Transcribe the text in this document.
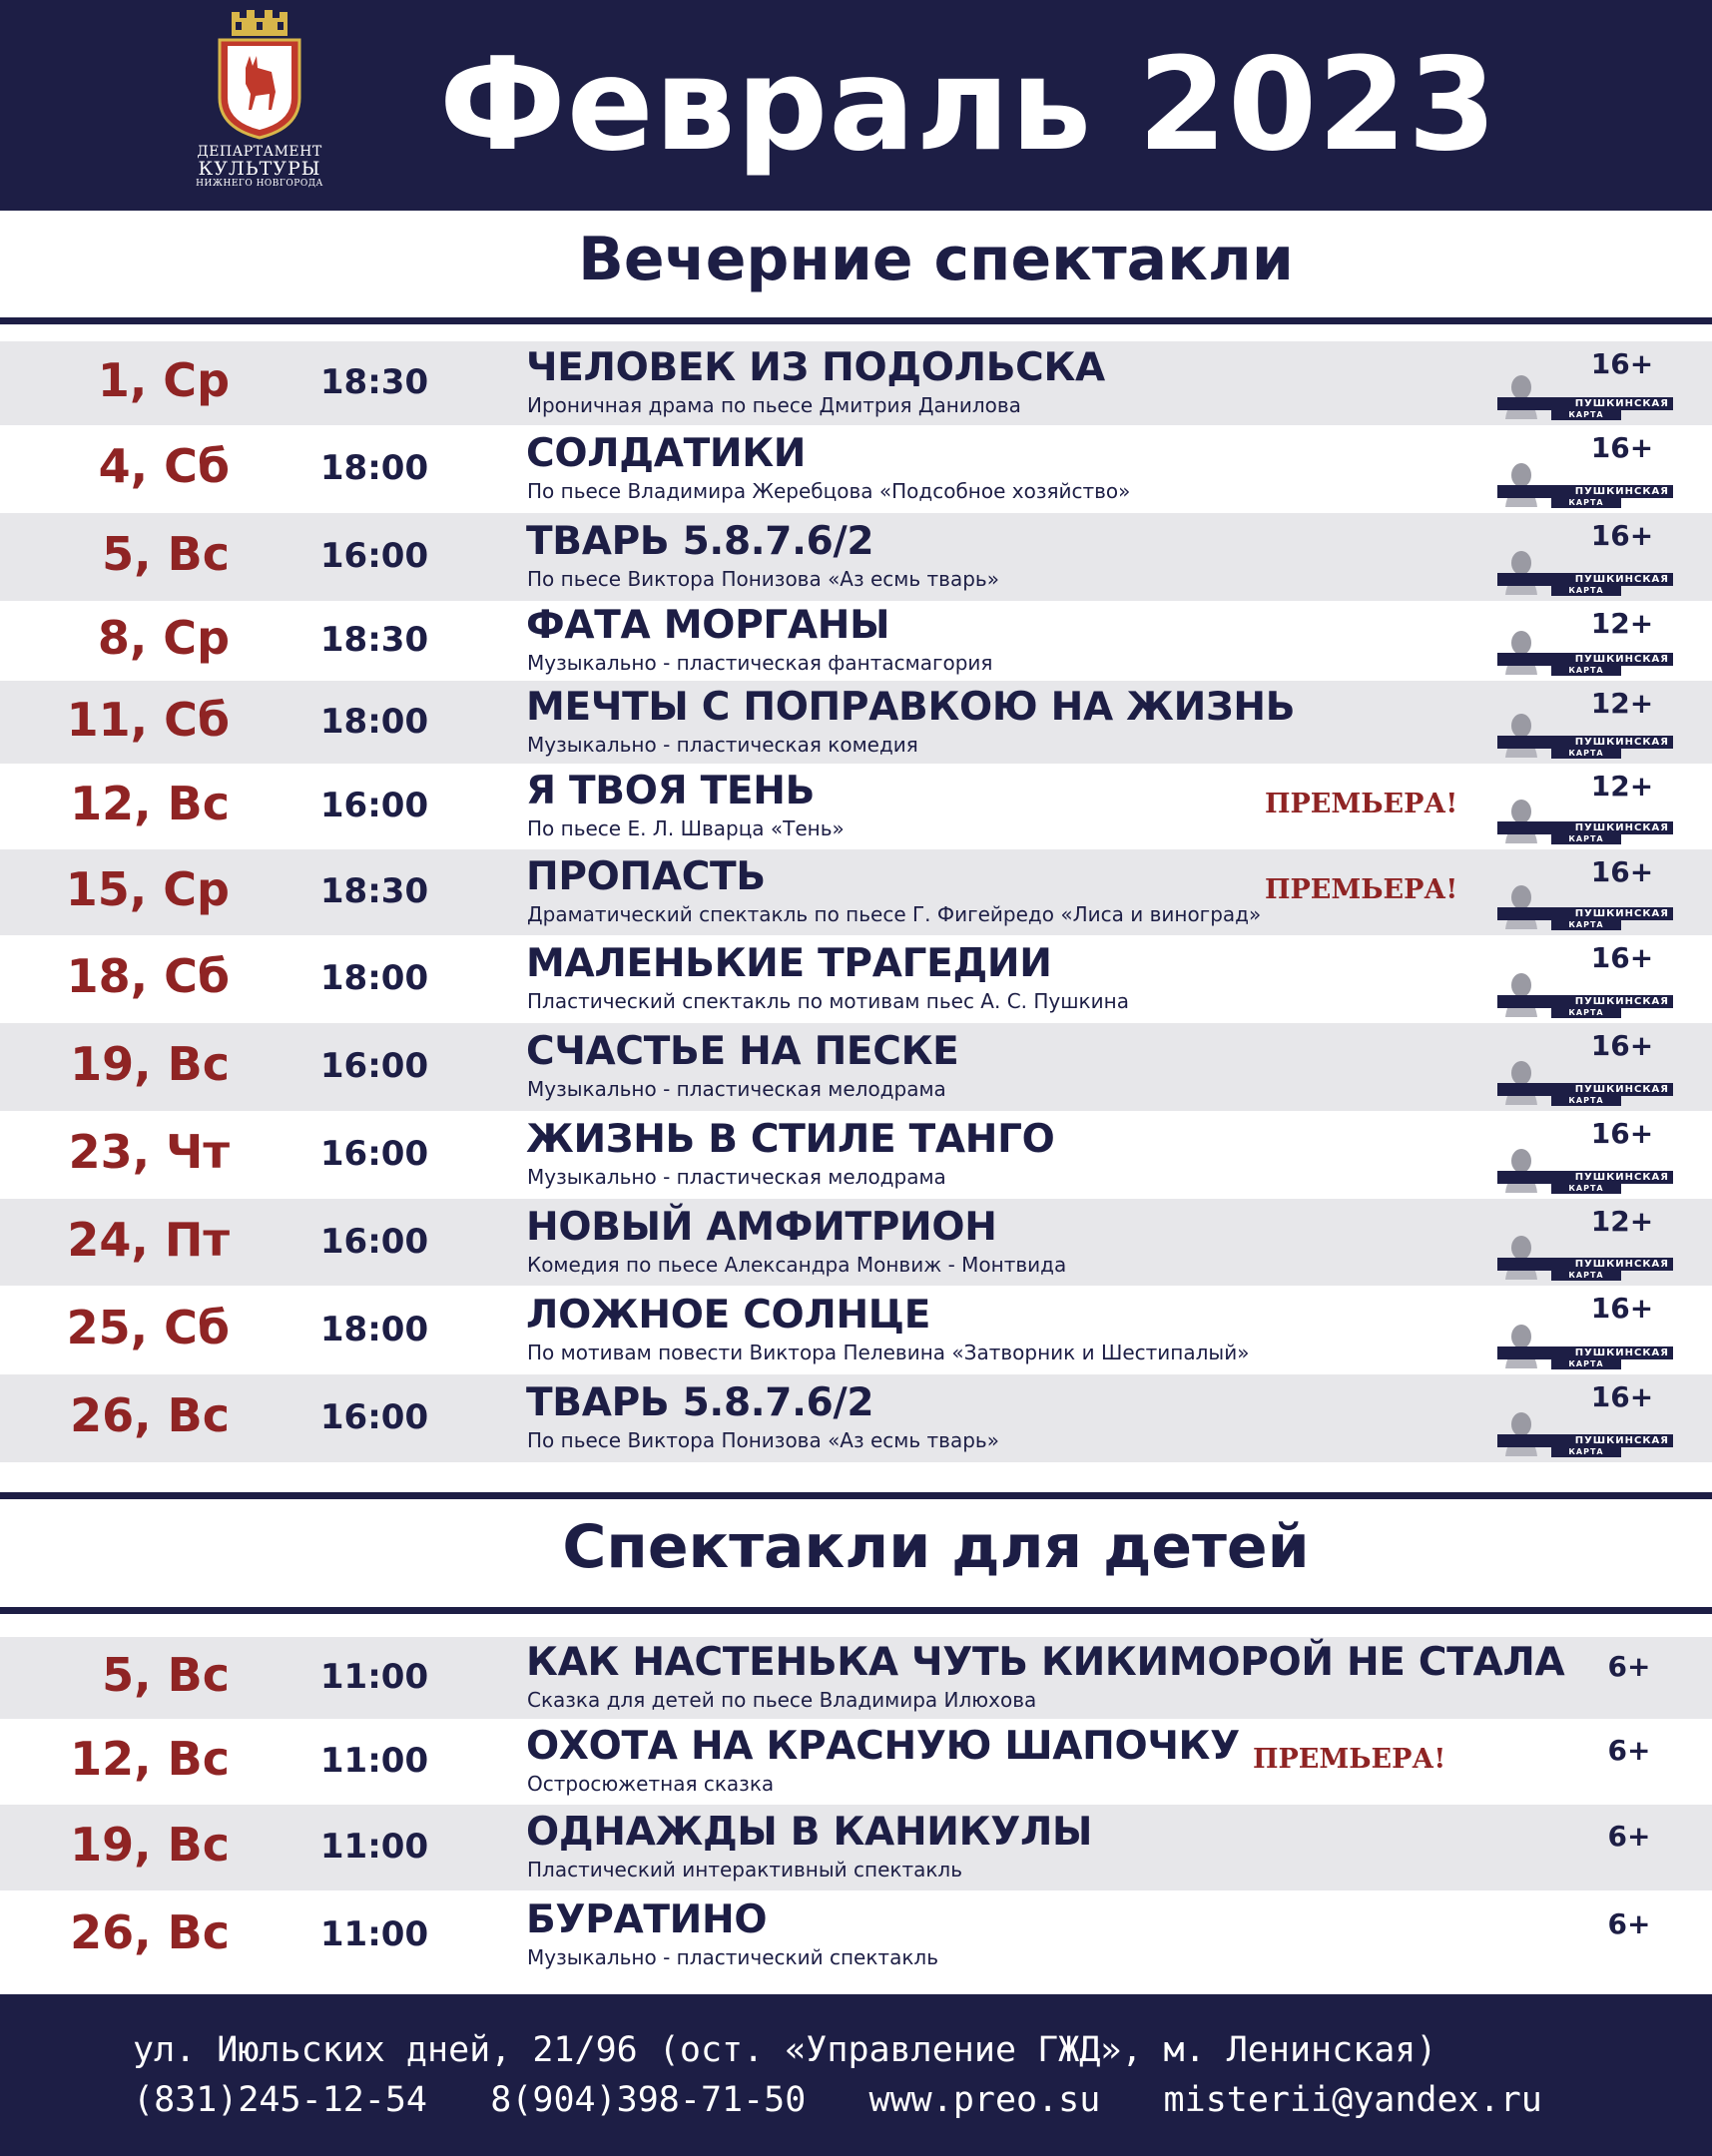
ДЕПАРТАМЕНТ
КУЛЬТУРЫ
НИЖНЕГО НОВГОРОДА
Февраль 2023
Вечерние спектакли
1, Ср	18:30	ЧЕЛОВЕК ИЗ ПОДОЛЬСКА
Ироничная драма по пьесе Дмитрия Данилова
16+
ПУШКИНСКАЯ
КАРТА
4, Сб	18:00	СОЛДАТИКИ
По пьесе Владимира Жеребцова «Подсобное хозяйство»
16+
ПУШКИНСКАЯ
КАРТА
5, Вс	16:00	ТВАРЬ 5.8.7.6/2
По пьесе Виктора Понизова «Аз есмь тварь»
16+
ПУШКИНСКАЯ
КАРТА
8, Ср	18:30	ФАТА МОРГАНЫ
Музыкально - пластическая фантасмагория
12+
ПУШКИНСКАЯ
КАРТА
11, Сб	18:00	МЕЧТЫ С ПОПРАВКОЮ НА ЖИЗНЬ
Музыкально - пластическая комедия
12+
ПУШКИНСКАЯ
КАРТА
12, Вс	16:00	Я ТВОЯ ТЕНЬ
По пьесе Е. Л. Шварца «Тень»
ПРЕМЬЕРА!
12+
ПУШКИНСКАЯ
КАРТА
15, Ср	18:30	ПРОПАСТЬ
Драматический спектакль по пьесе Г. Фигейредо «Лиса и виноград»
ПРЕМЬЕРА!
16+
ПУШКИНСКАЯ
КАРТА
18, Сб	18:00	МАЛЕНЬКИЕ ТРАГЕДИИ
Пластический спектакль по мотивам пьес А. С. Пушкина
16+
ПУШКИНСКАЯ
КАРТА
19, Вс	16:00	СЧАСТЬЕ НА ПЕСКЕ
Музыкально - пластическая мелодрама
16+
ПУШКИНСКАЯ
КАРТА
23, Чт	16:00	ЖИЗНЬ В СТИЛЕ ТАНГО
Музыкально - пластическая мелодрама
16+
ПУШКИНСКАЯ
КАРТА
24, Пт	16:00	НОВЫЙ АМФИТРИОН
Комедия по пьесе Александра Монвиж - Монтвида
12+
ПУШКИНСКАЯ
КАРТА
25, Сб	18:00	ЛОЖНОЕ СОЛНЦЕ
По мотивам повести Виктора Пелевина «Затворник и Шестипалый»
16+
ПУШКИНСКАЯ
КАРТА
26, Вс	16:00	ТВАРЬ 5.8.7.6/2
По пьесе Виктора Понизова «Аз есмь тварь»
16+
ПУШКИНСКАЯ
КАРТА
Спектакли для детей
5, Вс	11:00	КАК НАСТЕНЬКА ЧУТЬ КИКИМОРОЙ НЕ СТАЛА
Сказка для детей по пьесе Владимира Илюхова
6+
12, Вс	11:00	ОХОТА НА КРАСНУЮ ШАПОЧКУ
Остросюжетная сказка
ПРЕМЬЕРА!	6+
19, Вс	11:00	ОДНАЖДЫ В КАНИКУЛЫ
Пластический интерактивный спектакль
6+
26, Вс	11:00	БУРАТИНО
Музыкально - пластический спектакль
6+
ул. Июльских дней, 21/96 (ост. «Управление ГЖД», м. Ленинская)
(831)245-12-54 8(904)398-71-50 www.preo.su misterii@yandex.ru
